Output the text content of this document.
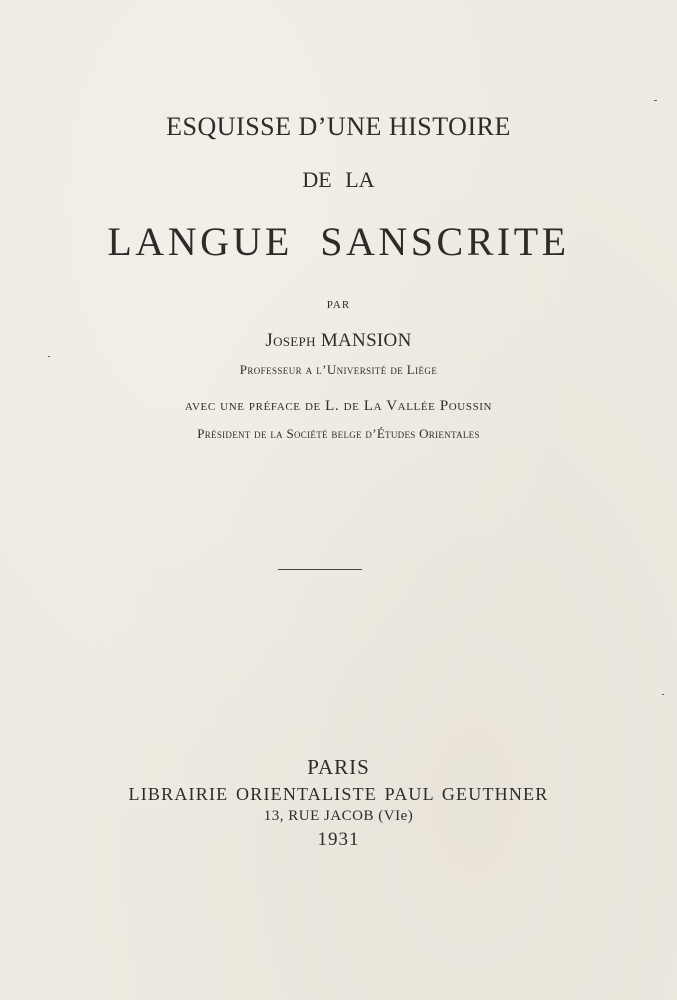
ESQUISSE D’UNE HISTOIRE
DE LA
LANGUE SANSCRITE
par
Joseph MANSION
Professeur a l’Université de Liège
avec une préface de L. de La Vallée Poussin
Président de la Société belge d’Études Orientales
PARIS
LIBRAIRIE ORIENTALISTE PAUL GEUTHNER
13, RUE JACOB (VIe)
1931
